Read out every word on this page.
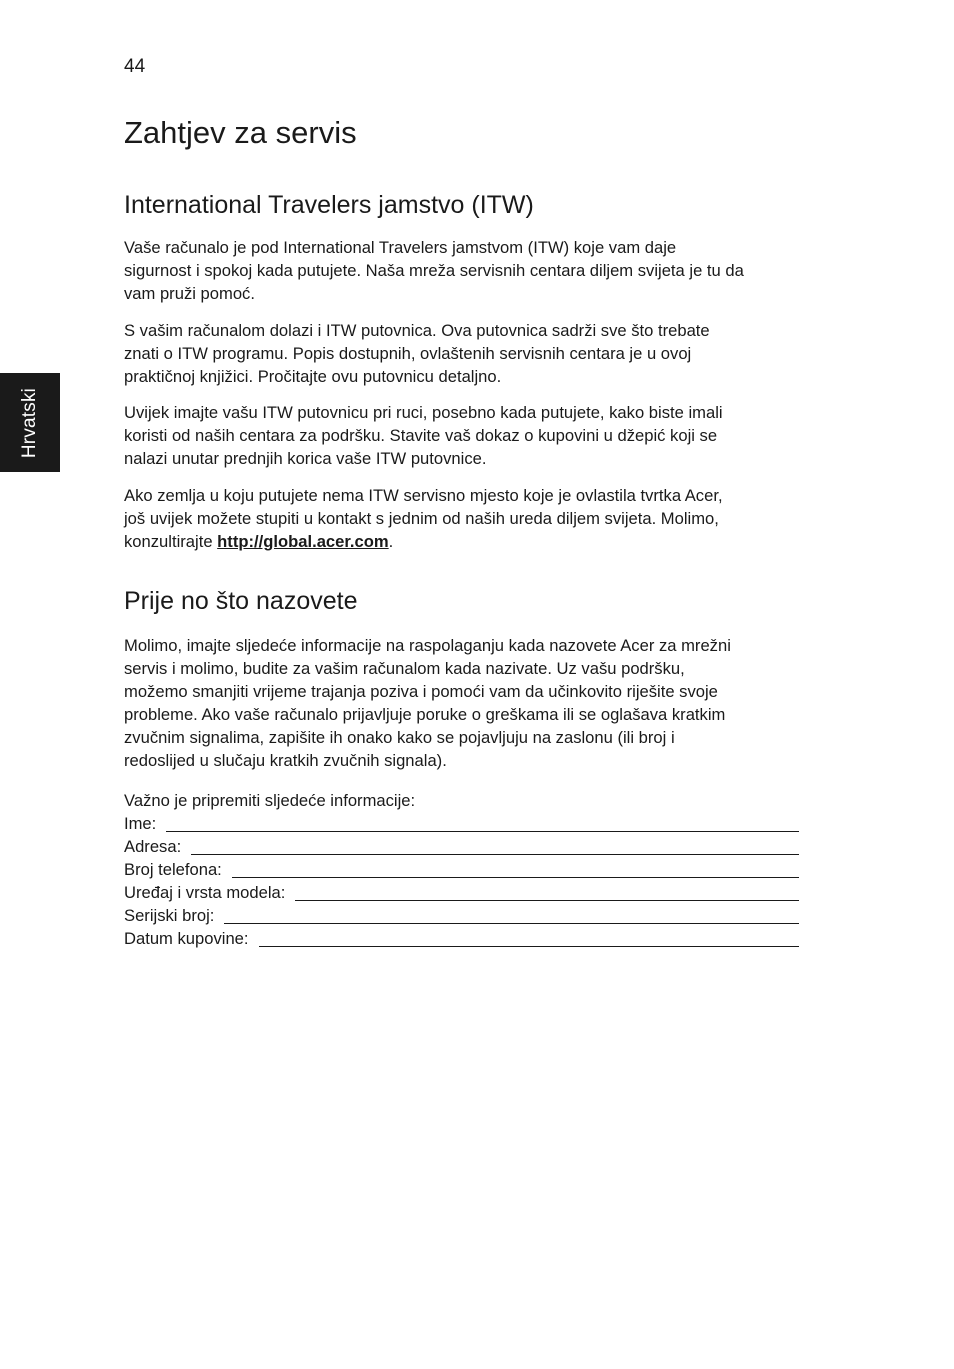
44
Hrvatski
Zahtjev za servis
International Travelers jamstvo (ITW)

Vaše računalo je pod International Travelers jamstvom (ITW) koje vam daje
sigurnost i spokoj kada putujete. Naša mreža servisnih centara diljem svijeta je tu da
vam pruži pomoć.

S vašim računalom dolazi i ITW putovnica. Ova putovnica sadrži sve što trebate
znati o ITW programu. Popis dostupnih, ovlaštenih servisnih centara je u ovoj
praktičnoj knjižici. Pročitajte ovu putovnicu detaljno.

Uvijek imajte vašu ITW putovnicu pri ruci, posebno kada putujete, kako biste imali
koristi od naših centara za podršku. Stavite vaš dokaz o kupovini u džepić koji se
nalazi unutar prednjih korica vaše ITW putovnice.

Ako zemlja u koju putujete nema ITW servisno mjesto koje je ovlastila tvrtka Acer,
još uvijek možete stupiti u kontakt s jednim od naših ureda diljem svijeta. Molimo,
konzultirajte http://global.acer.com.

Prije no što nazovete

Molimo, imajte sljedeće informacije na raspolaganju kada nazovete Acer za mrežni
servis i molimo, budite za vašim računalom kada nazivate. Uz vašu podršku,
možemo smanjiti vrijeme trajanja poziva i pomoći vam da učinkovito riješite svoje
probleme. Ako vaše računalo prijavljuje poruke o greškama ili se oglašava kratkim
zvučnim signalima, zapišite ih onako kako se pojavljuju na zaslonu (ili broj i
redoslijed u slučaju kratkih zvučnih signala).

Važno je pripremiti sljedeće informacije:
Ime:
Adresa:
Broj telefona:
Uređaj i vrsta modela:
Serijski broj:
Datum kupovine:
